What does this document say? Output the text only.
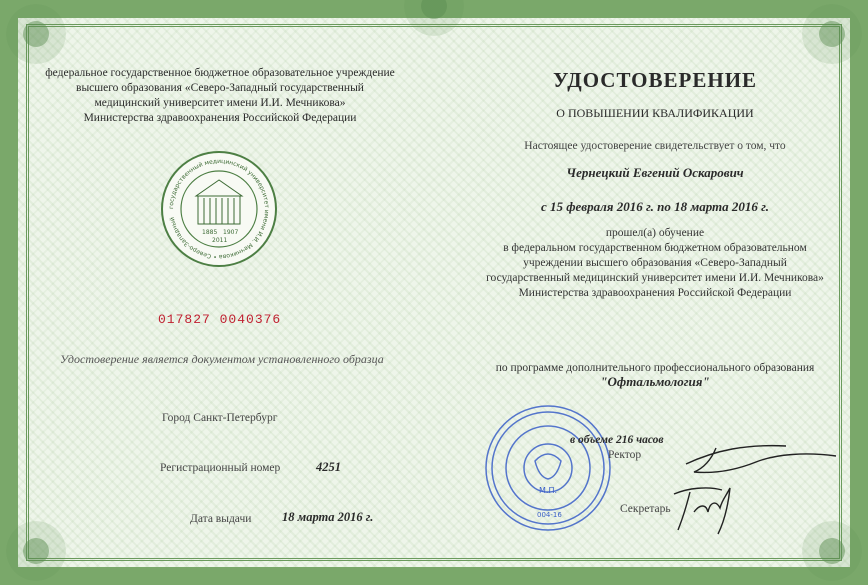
федеральное государственное бюджетное образовательное учреждение
высшего образования «Северо-Западный государственный
медицинский университет имени И.И. Мечникова»
Министерства здравоохранения Российской Федерации
государственный медицинский университет имени И.И. Мечникова • Северо-Западный
1885 1907
2011
017827 0040376
Удостоверение является документом установленного образца
Город Санкт-Петербург
Регистрационный номер	4251
Дата выдачи 18 марта 2016 г.
УДОСТОВЕРЕНИЕ
О ПОВЫШЕНИИ КВАЛИФИКАЦИИ
Настоящее удостоверение свидетельствует о том, что
Чернецкий Евгений Оскарович
с 15 февраля 2016 г. по 18 марта 2016 г.
прошел(а) обучение
в федеральном государственном бюджетном образовательном
учреждении высшего образования «Северо-Западный
государственный медицинский университет имени И.И. Мечникова»
Министерства здравоохранения Российской Федерации
по программе дополнительного профессионального образования
"Офтальмология"
М.П.
004-16
в объеме 216 часов
Ректор
Секретарь
